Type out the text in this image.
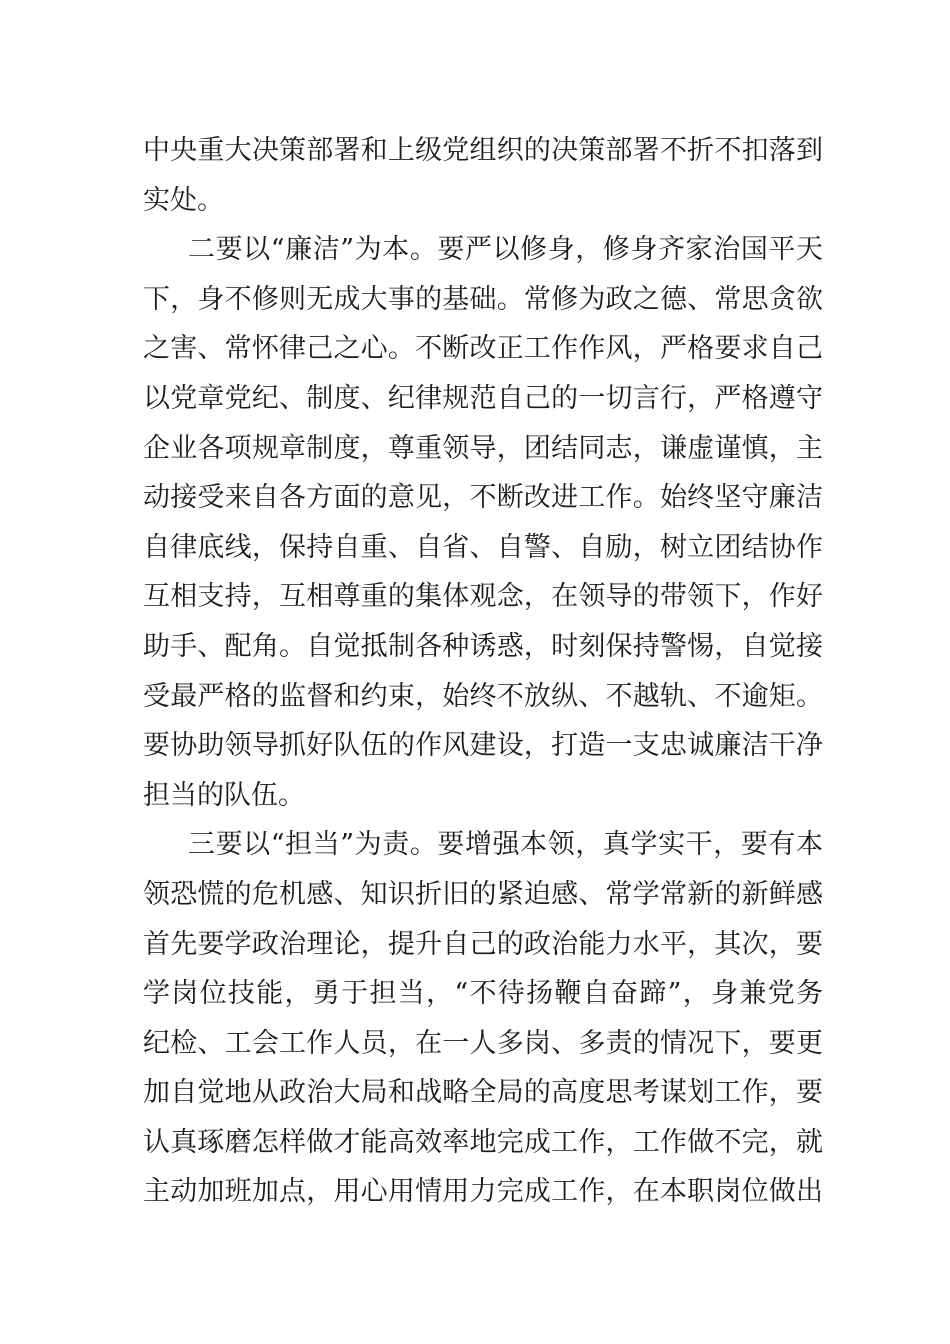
中央重大决策部署和上级党组织的决策部署不折不扣落到
实处。
二要以“廉洁”为本。要严以修身，修身齐家治国平天
下，身不修则无成大事的基础。常修为政之德、常思贪欲
之害、常怀律己之心。不断改正工作作风，严格要求自己
以党章党纪、制度、纪律规范自己的一切言行，严格遵守
企业各项规章制度，尊重领导，团结同志，谦虚谨慎，主
动接受来自各方面的意见，不断改进工作。始终坚守廉洁
自律底线，保持自重、自省、自警、自励，树立团结协作
互相支持，互相尊重的集体观念，在领导的带领下，作好
助手、配角。自觉抵制各种诱惑，时刻保持警惕，自觉接
受最严格的监督和约束，始终不放纵、不越轨、不逾矩。
要协助领导抓好队伍的作风建设，打造一支忠诚廉洁干净
担当的队伍。
三要以“担当”为责。要增强本领，真学实干，要有本
领恐慌的危机感、知识折旧的紧迫感、常学常新的新鲜感
首先要学政治理论，提升自己的政治能力水平，其次，要
学岗位技能，勇于担当，“不待扬鞭自奋蹄”，身兼党务
纪检、工会工作人员，在一人多岗、多责的情况下，要更
加自觉地从政治大局和战略全局的高度思考谋划工作，要
认真琢磨怎样做才能高效率地完成工作，工作做不完，就
主动加班加点，用心用情用力完成工作，在本职岗位做出
